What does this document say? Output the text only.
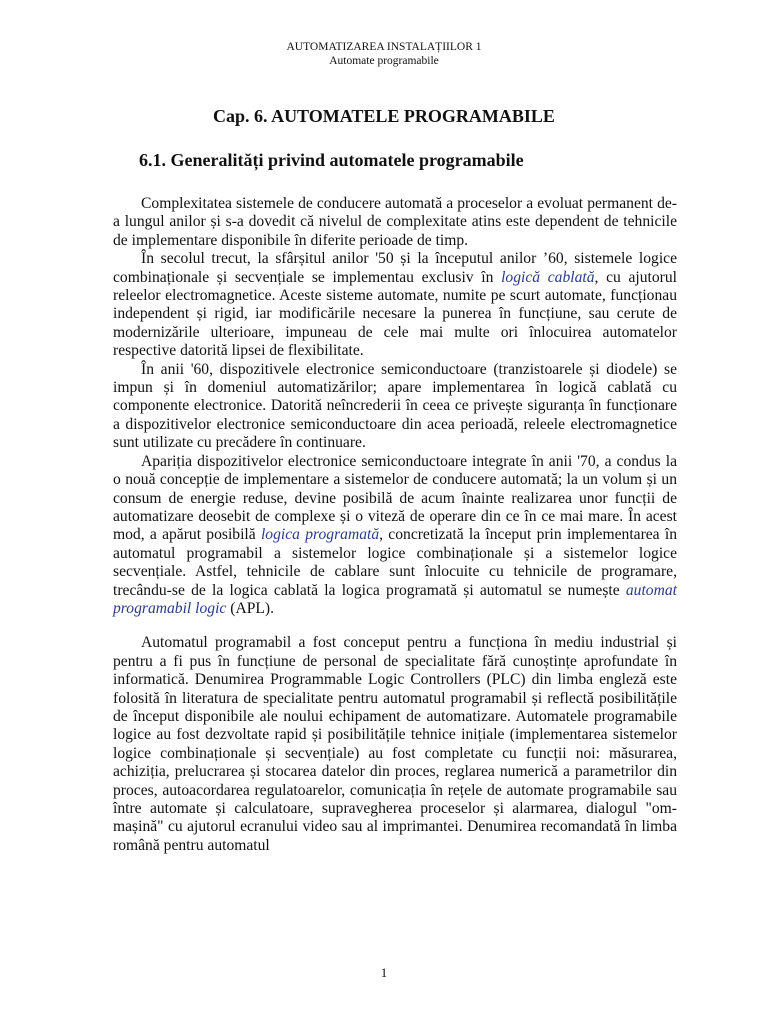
AUTOMATIZAREA INSTALAȚIILOR 1
Automate programabile
Cap. 6. AUTOMATELE PROGRAMABILE
6.1. Generalități privind automatele programabile

Complexitatea sistemele de conducere automată a proceselor a evoluat permanent de-a lungul anilor și s-a dovedit că nivelul de complexitate atins este dependent de tehnicile de implementare disponibile în diferite perioade de timp.

În secolul trecut, la sfârșitul anilor '50 și la începutul anilor ’60, sistemele logice combinaționale și secvențiale se implementau exclusiv în logică cablată, cu ajutorul releelor electromagnetice. Aceste sisteme automate, numite pe scurt automate, funcționau independent și rigid, iar modificările necesare la punerea în funcțiune, sau cerute de modernizările ulterioare, impuneau de cele mai multe ori înlocuirea automatelor respective datorită lipsei de flexibilitate.

În anii '60, dispozitivele electronice semiconductoare (tranzistoarele și diodele) se impun și în domeniul automatizărilor; apare implementarea în logică cablată cu componente electronice. Datorită neîncrederii în ceea ce privește siguranța în funcționare a dispozitivelor electronice semiconductoare din acea perioadă, releele electromagnetice sunt utilizate cu precădere în continuare.

Apariția dispozitivelor electronice semiconductoare integrate în anii '70, a condus la o nouă concepție de implementare a sistemelor de conducere automată; la un volum și un consum de energie reduse, devine posibilă de acum înainte realizarea unor funcții de automatizare deosebit de complexe și o viteză de operare din ce în ce mai mare. În acest mod, a apărut posibilă logica programată, concretizată la început prin implementarea în automatul programabil a sistemelor logice combinaționale și a sistemelor logice secvențiale. Astfel, tehnicile de cablare sunt înlocuite cu tehnicile de programare, trecându-se de la logica cablată la logica programată și automatul se numește automat programabil logic (APL).

Automatul programabil a fost conceput pentru a funcționa în mediu industrial și pentru a fi pus în funcțiune de personal de specialitate fără cunoștințe aprofundate în informatică. Denumirea Programmable Logic Controllers (PLC) din limba engleză este folosită în literatura de specialitate pentru automatul programabil și reflectă posibilitățile de început disponibile ale noului echipament de automatizare. Automatele programabile logice au fost dezvoltate rapid și posibilitățile tehnice inițiale (implementarea sistemelor logice combinaționale și secvențiale) au fost completate cu funcții noi: măsurarea, achiziția, prelucrarea și stocarea datelor din proces, reglarea numerică a parametrilor din proces, autoacordarea regulatoarelor, comunicația în rețele de automate programabile sau între automate și calculatoare, supravegherea proceselor și alarmarea, dialogul "om-mașină" cu ajutorul ecranului video sau al imprimantei. Denumirea recomandată în limba română pentru automatul

1
